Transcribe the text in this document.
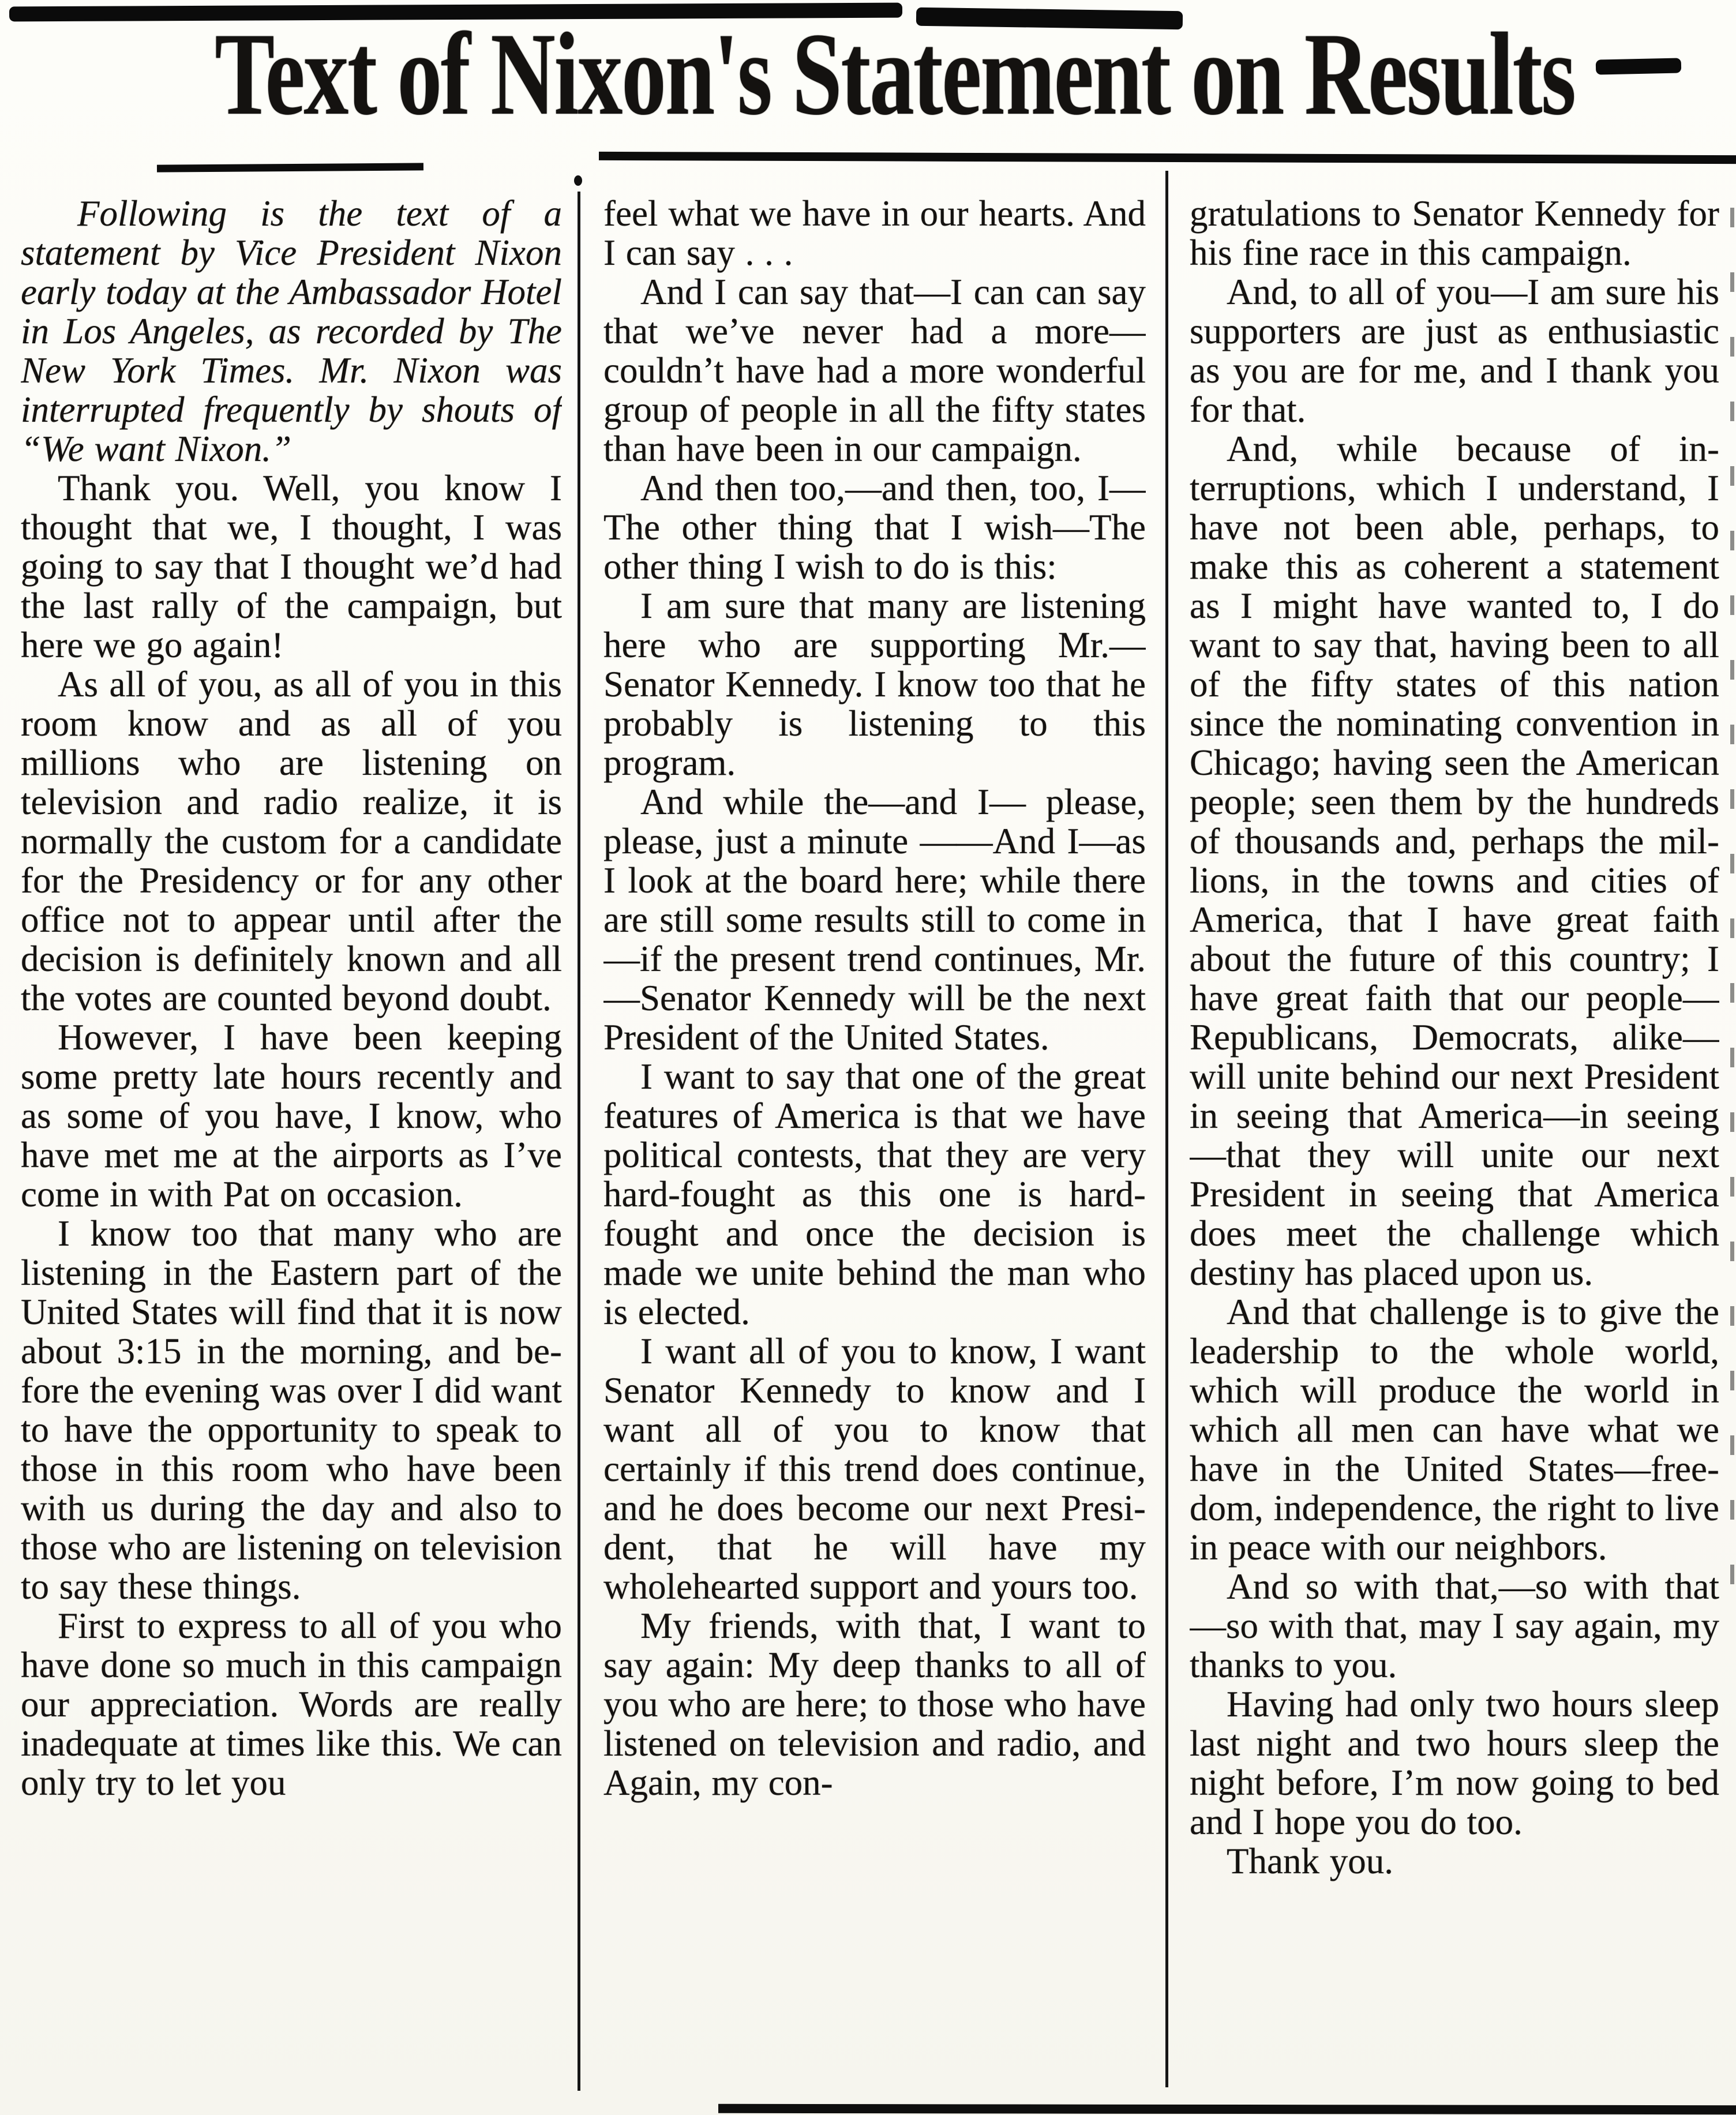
Text of Nixon's Statement on Results

Following is the text of a statement by Vice President Nixon early today at the Ambassador Hotel in Los Angeles, as recorded by The New York Times. Mr. Nixon was interrupted frequently by shouts of “We want Nixon.”

Thank you. Well, you know I thought that we, I thought, I was going to say that I thought we’d had the last rally of the campaign, but here we go again!

As all of you, as all of you in this room know and as all of you millions who are listening on television and radio realize, it is normally the custom for a candidate for the Presidency or for any other office not to appear until after the decision is definitely known and all the votes are counted beyond doubt.

However, I have been keeping some pretty late hours recently and as some of you have, I know, who have met me at the airports as I’ve come in with Pat on occasion.

I know too that many who are listening in the Eastern part of the United States will find that it is now about 3:15 in the morning, and before the evening was over I did want to have the opportunity to speak to those in this room who have been with us during the day and also to those who are listening on television to say these things.

First to express to all of you who have done so much in this campaign our appreciation. Words are really inadequate at times like this. We can only try to let you

feel what we have in our hearts. And I can say . . .

And I can say that—I can can say that we’ve never had a more—couldn’t have had a more wonderful group of people in all the fifty states than have been in our campaign.

And then too,—and then, too, I—The other thing that I wish—The other thing I wish to do is this:

I am sure that many are listening here who are supporting Mr.—Senator Kennedy. I know too that he probably is listening to this program.

And while the—and I— please, please, just a minute ——And I—as I look at the board here; while there are still some results still to come in—if the present trend continues, Mr.—Senator Kennedy will be the next President of the United States.

I want to say that one of the great features of America is that we have political contests, that they are very hard-fought as this one is hard-fought and once the decision is made we unite behind the man who is elected.

I want all of you to know, I want Senator Kennedy to know and I want all of you to know that certainly if this trend does continue, and he does become our next President, that he will have my wholehearted support and yours too.

My friends, with that, I want to say again: My deep thanks to all of you who are here; to those who have listened on television and radio, and Again, my con-

gratulations to Senator Kennedy for his fine race in this campaign.

And, to all of you—I am sure his supporters are just as enthusiastic as you are for me, and I thank you for that.

And, while because of interruptions, which I understand, I have not been able, perhaps, to make this as coherent a statement as I might have wanted to, I do want to say that, having been to all of the fifty states of this nation since the nominating convention in Chicago; having seen the American people; seen them by the hundreds of thousands and, perhaps the millions, in the towns and cities of America, that I have great faith about the future of this country; I have great faith that our people—Republicans, Democrats, alike—will unite behind our next President in seeing that America—in seeing—that they will unite our next President in seeing that America does meet the challenge which destiny has placed upon us.

And that challenge is to give the leadership to the whole world, which will produce the world in which all men can have what we have in the United States—freedom, independence, the right to live in peace with our neighbors.

And so with that,—so with that—so with that, may I say again, my thanks to you.

Having had only two hours sleep last night and two hours sleep the night before, I’m now going to bed and I hope you do too.

Thank you.
